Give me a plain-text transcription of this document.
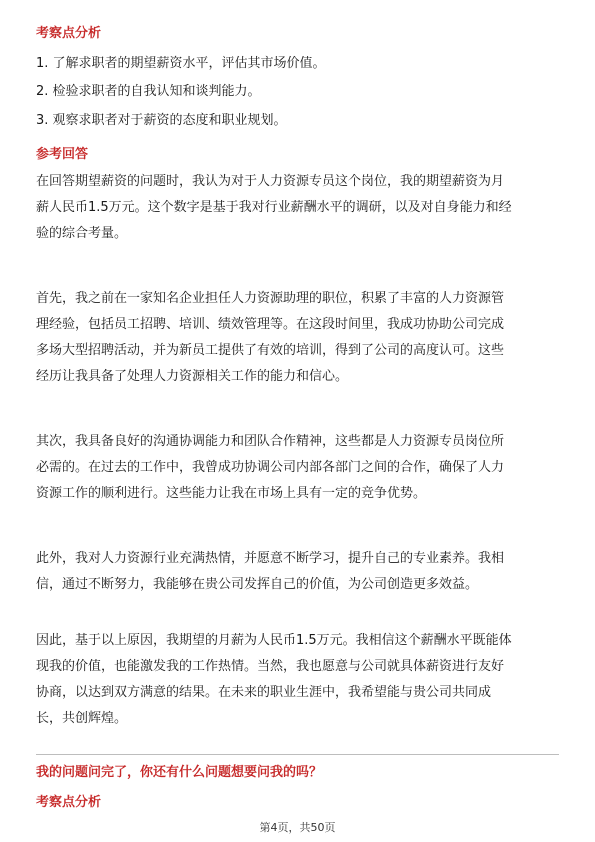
考察点分析
1. 了解求职者的期望薪资水平，评估其市场价值。
2. 检验求职者的自我认知和谈判能力。
3. 观察求职者对于薪资的态度和职业规划。
参考回答
在回答期望薪资的问题时，我认为对于人力资源专员这个岗位，我的期望薪资为月
薪人民币1.5万元。这个数字是基于我对行业薪酬水平的调研，以及对自身能力和经
验的综合考量。
首先，我之前在一家知名企业担任人力资源助理的职位，积累了丰富的人力资源管
理经验，包括员工招聘、培训、绩效管理等。在这段时间里，我成功协助公司完成
多场大型招聘活动，并为新员工提供了有效的培训，得到了公司的高度认可。这些
经历让我具备了处理人力资源相关工作的能力和信心。
其次，我具备良好的沟通协调能力和团队合作精神，这些都是人力资源专员岗位所
必需的。在过去的工作中，我曾成功协调公司内部各部门之间的合作，确保了人力
资源工作的顺利进行。这些能力让我在市场上具有一定的竞争优势。
此外，我对人力资源行业充满热情，并愿意不断学习，提升自己的专业素养。我相
信，通过不断努力，我能够在贵公司发挥自己的价值，为公司创造更多效益。
因此，基于以上原因，我期望的月薪为人民币1.5万元。我相信这个薪酬水平既能体
现我的价值，也能激发我的工作热情。当然，我也愿意与公司就具体薪资进行友好
协商，以达到双方满意的结果。在未来的职业生涯中，我希望能与贵公司共同成
长，共创辉煌。
我的问题问完了，你还有什么问题想要问我的吗？
考察点分析
第4页，共50页
